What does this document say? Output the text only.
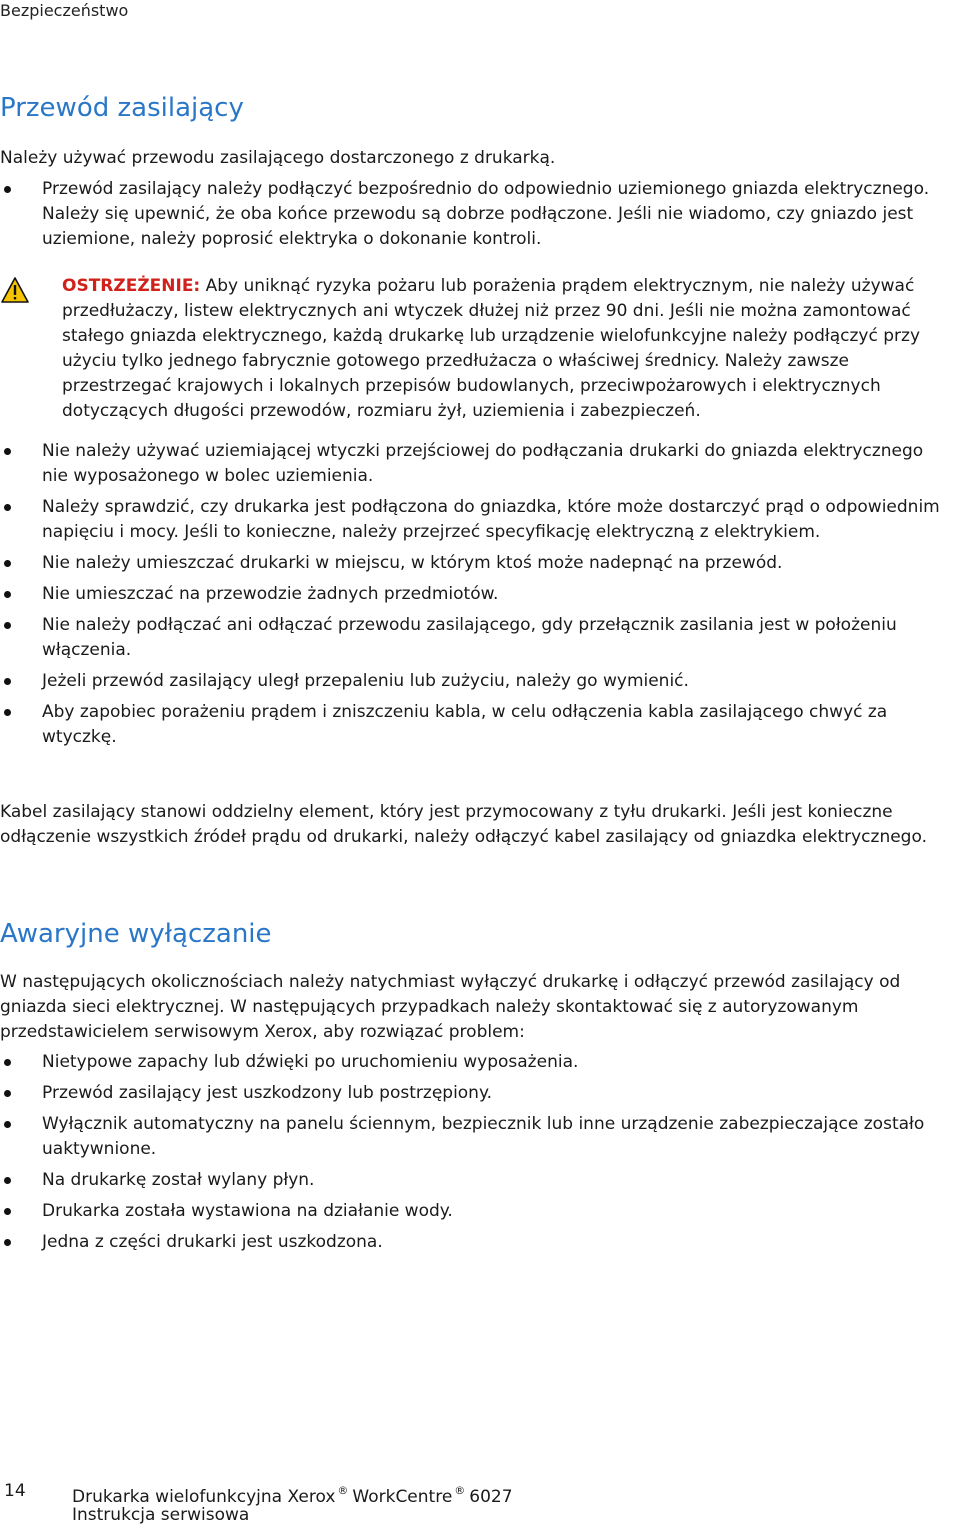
Bezpieczeństwo
Przewód zasilający

Należy używać przewodu zasilającego dostarczonego z drukarką.

Przewód zasilający należy podłączyć bezpośrednio do odpowiednio uziemionego gniazda elektrycznego. Należy się upewnić, że oba końce przewodu są dobrze podłączone. Jeśli nie wiadomo, czy gniazdo jest uziemione, należy poprosić elektryka o dokonanie kontroli.
OSTRZEŻENIE: Aby uniknąć ryzyka pożaru lub porażenia prądem elektrycznym, nie należy używać przedłużaczy, listew elektrycznych ani wtyczek dłużej niż przez 90 dni. Jeśli nie można zamontować stałego gniazda elektrycznego, każdą drukarkę lub urządzenie wielofunkcyjne należy podłączyć przy użyciu tylko jednego fabrycznie gotowego przedłużacza o właściwej średnicy. Należy zawsze przestrzegać krajowych i lokalnych przepisów budowlanych, przeciwpożarowych i elektrycznych dotyczących długości przewodów, rozmiaru żył, uziemienia i zabezpieczeń.
Nie należy używać uziemiającej wtyczki przejściowej do podłączania drukarki do gniazda elektrycznego nie wyposażonego w bolec uziemienia.
Należy sprawdzić, czy drukarka jest podłączona do gniazdka, które może dostarczyć prąd o odpowiednim napięciu i mocy. Jeśli to konieczne, należy przejrzeć specyfikację elektryczną z elektrykiem.
Nie należy umieszczać drukarki w miejscu, w którym ktoś może nadepnąć na przewód.
Nie umieszczać na przewodzie żadnych przedmiotów.
Nie należy podłączać ani odłączać przewodu zasilającego, gdy przełącznik zasilania jest w położeniu włączenia.
Jeżeli przewód zasilający uległ przepaleniu lub zużyciu, należy go wymienić.
Aby zapobiec porażeniu prądem i zniszczeniu kabla, w celu odłączenia kabla zasilającego chwyć za wtyczkę.

Kabel zasilający stanowi oddzielny element, który jest przymocowany z tyłu drukarki. Jeśli jest konieczne odłączenie wszystkich źródeł prądu od drukarki, należy odłączyć kabel zasilający od gniazdka elektrycznego.

Awaryjne wyłączanie

W następujących okolicznościach należy natychmiast wyłączyć drukarkę i odłączyć przewód zasilający od gniazda sieci elektrycznej. W następujących przypadkach należy skontaktować się z autoryzowanym przedstawicielem serwisowym Xerox, aby rozwiązać problem:

Nietypowe zapachy lub dźwięki po uruchomieniu wyposażenia.
Przewód zasilający jest uszkodzony lub postrzępiony.
Wyłącznik automatyczny na panelu ściennym, bezpiecznik lub inne urządzenie zabezpieczające zostało uaktywnione.
Na drukarkę został wylany płyn.
Drukarka została wystawiona na działanie wody.
Jedna z części drukarki jest uszkodzona.
14	Drukarka wielofunkcyjna Xerox ® WorkCentre ® 6027
Instrukcja serwisowa
